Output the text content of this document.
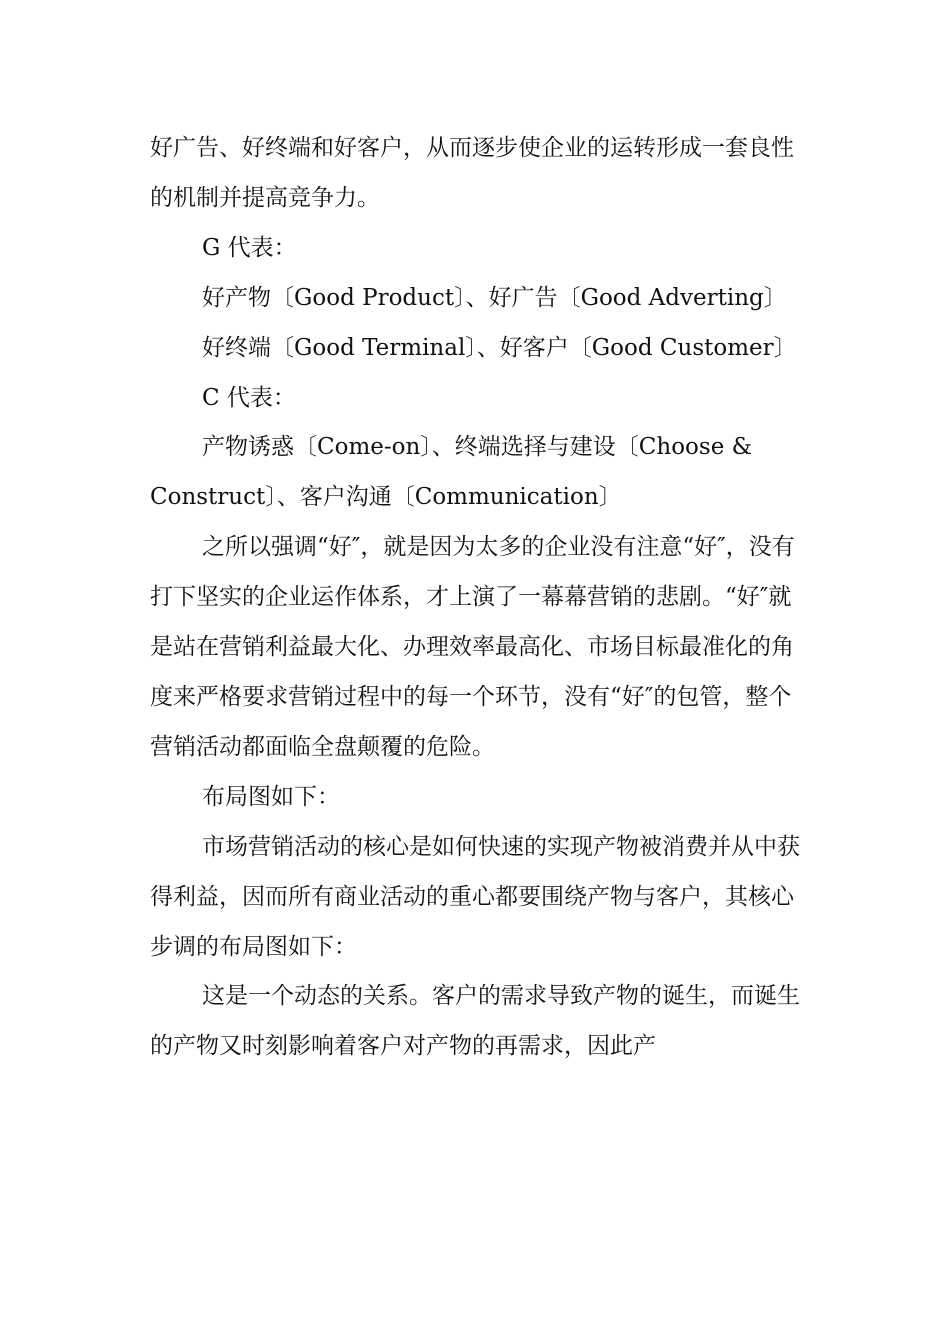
好广告、好终端和好客户，从而逐步使企业的运转形成一套良性的机制并提高竞争力。

G 代表：

好产物〔Good Product〕、好广告〔Good Adverting〕

好终端〔Good Terminal〕、好客户〔Good Customer〕

C 代表：

产物诱惑〔Come-on〕、终端选择与建设〔Choose & Construct〕、客户沟通〔Communication〕

之所以强调“好″，就是因为太多的企业没有注意“好″，没有打下坚实的企业运作体系，才上演了一幕幕营销的悲剧。“好″就是站在营销利益最大化、办理效率最高化、市场目标最准化的角度来严格要求营销过程中的每一个环节，没有“好″的包管，整个营销活动都面临全盘颠覆的危险。

布局图如下：

市场营销活动的核心是如何快速的实现产物被消费并从中获得利益，因而所有商业活动的重心都要围绕产物与客户，其核心步调的布局图如下：

这是一个动态的关系。客户的需求导致产物的诞生，而诞生的产物又时刻影响着客户对产物的再需求，因此产
